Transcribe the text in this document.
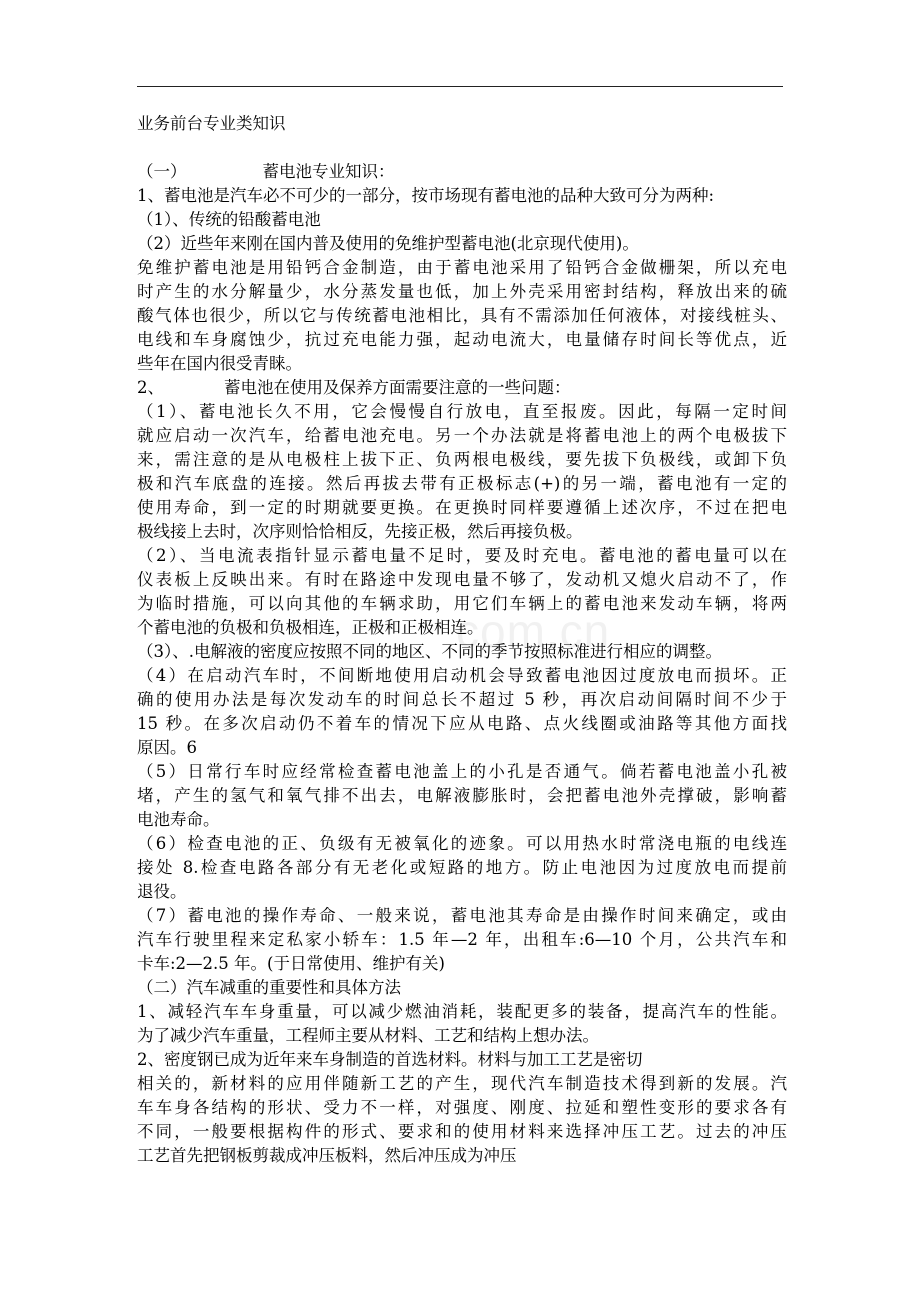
业务前台专业类知识
com.cn
（一）	蓄电池专业知识：
1、蓄电池是汽车必不可少的一部分，按市场现有蓄电池的品种大致可分为两种:
（1）、传统的铅酸蓄电池
（2）近些年来刚在国内普及使用的免维护型蓄电池(北京现代使用)。
免维护蓄电池是用铅钙合金制造，由于蓄电池采用了铅钙合金做栅架，所以充电
时产生的水分解量少，水分蒸发量也低，加上外壳采用密封结构，释放出来的硫
酸气体也很少，所以它与传统蓄电池相比，具有不需添加任何液体，对接线桩头、
电线和车身腐蚀少，抗过充电能力强，起动电流大，电量储存时间长等优点，近
些年在国内很受青睐。
2、	蓄电池在使用及保养方面需要注意的一些问题：
（1）、蓄电池长久不用，它会慢慢自行放电，直至报废。因此，每隔一定时间
就应启动一次汽车，给蓄电池充电。另一个办法就是将蓄电池上的两个电极拔下
来，需注意的是从电极柱上拔下正、负两根电极线，要先拔下负极线，或卸下负
极和汽车底盘的连接。然后再拔去带有正极标志(+)的另一端，蓄电池有一定的
使用寿命，到一定的时期就要更换。在更换时同样要遵循上述次序，不过在把电
极线接上去时，次序则恰恰相反，先接正极，然后再接负极。
（2）、当电流表指针显示蓄电量不足时，要及时充电。蓄电池的蓄电量可以在
仪表板上反映出来。有时在路途中发现电量不够了，发动机又熄火启动不了，作
为临时措施，可以向其他的车辆求助，用它们车辆上的蓄电池来发动车辆，将两
个蓄电池的负极和负极相连，正极和正极相连。
（3）、.电解液的密度应按照不同的地区、不同的季节按照标准进行相应的调整。
（4）在启动汽车时，不间断地使用启动机会导致蓄电池因过度放电而损坏。正
确的使用办法是每次发动车的时间总长不超过 5 秒，再次启动间隔时间不少于
15 秒。在多次启动仍不着车的情况下应从电路、点火线圈或油路等其他方面找
原因。6
（5）日常行车时应经常检查蓄电池盖上的小孔是否通气。倘若蓄电池盖小孔被
堵，产生的氢气和氧气排不出去，电解液膨胀时，会把蓄电池外壳撑破，影响蓄
电池寿命。
（6）检查电池的正、负级有无被氧化的迹象。可以用热水时常浇电瓶的电线连
接处 8.检查电路各部分有无老化或短路的地方。防止电池因为过度放电而提前
退役。
（7）蓄电池的操作寿命、一般来说，蓄电池其寿命是由操作时间来确定，或由
汽车行驶里程来定私家小轿车：1.5 年—2 年，出租车:6—10 个月，公共汽车和
卡车:2—2.5 年。(于日常使用、维护有关)
（二）汽车减重的重要性和具体方法
1、减轻汽车车身重量，可以减少燃油消耗，装配更多的装备，提高汽车的性能。
为了减少汽车重量，工程师主要从材料、工艺和结构上想办法。
2、密度钢已成为近年来车身制造的首选材料。材料与加工工艺是密切
相关的，新材料的应用伴随新工艺的产生，现代汽车制造技术得到新的发展。汽
车车身各结构的形状、受力不一样，对强度、刚度、拉延和塑性变形的要求各有
不同，一般要根据构件的形式、要求和的使用材料来选择冲压工艺。过去的冲压
工艺首先把钢板剪裁成冲压板料，然后冲压成为冲压
